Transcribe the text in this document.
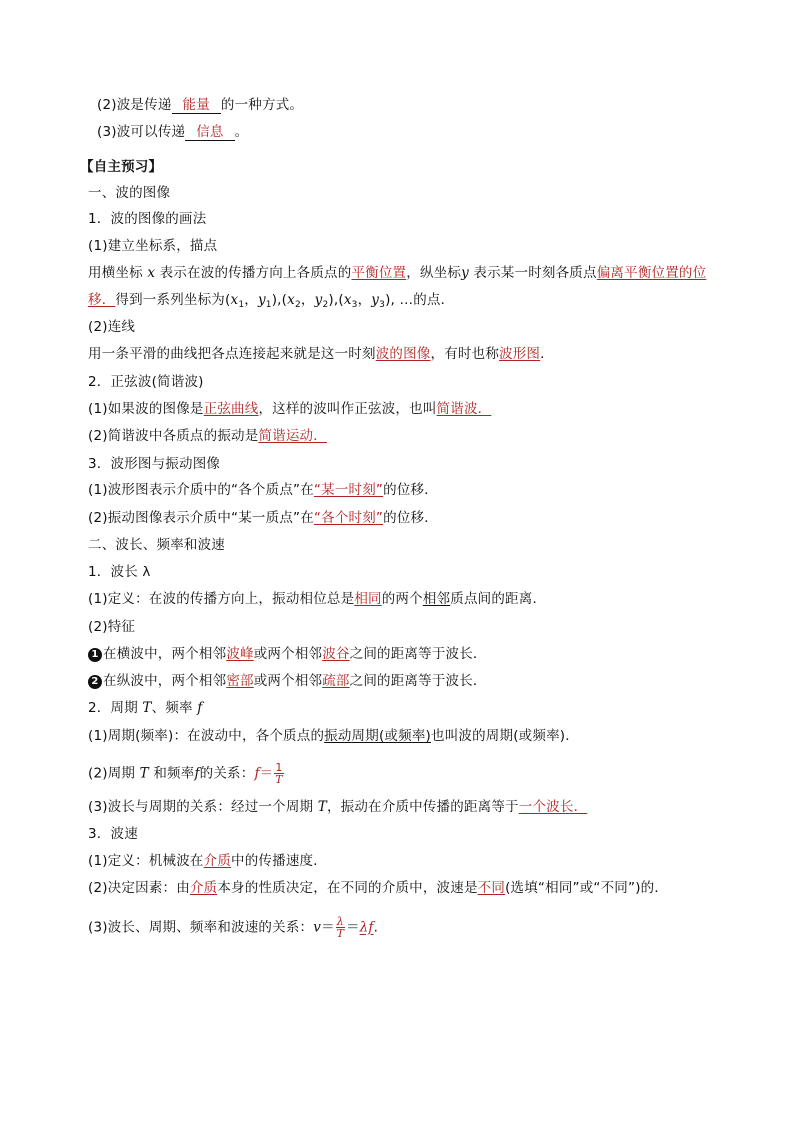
(2)波是传递 能量 的一种方式。
(3)波可以传递 信息 。
【自主预习】
一、波的图像
1．波的图像的画法
(1)建立坐标系，描点
用横坐标 x 表示在波的传播方向上各质点的平衡位置，纵坐标y 表示某一时刻各质点偏离平衡位置的位
移．得到一系列坐标为($x_1$，$y_1),(x_2$，$y_2),(x_3$，$y_3$), …的点．
(2)连线
用一条平滑的曲线把各点连接起来就是这一时刻波的图像，有时也称波形图.
2．正弦波(简谐波)
(1)如果波的图像是正弦曲线，这样的波叫作正弦波，也叫简谐波．
(2)简谐波中各质点的振动是简谐运动．
3．波形图与振动图像
(1)波形图表示介质中的“各个质点”在“某一时刻”的位移．
(2)振动图像表示介质中“某一质点”在“各个时刻”的位移．
二、波长、频率和波速
1．波长 λ
(1)定义：在波的传播方向上，振动相位总是相同的两个相邻质点间的距离．
(2)特征
1 在横波中，两个相邻波峰或两个相邻波谷之间的距离等于波长．
2 在纵波中，两个相邻密部或两个相邻疏部之间的距离等于波长．
2．周期 T、频率 f
(1)周期(频率)：在波动中，各个质点的振动周期(或频率)也叫波的周期(或频率)．
(2)周期 T 和频率f的关系：$f= \frac{1}{T}$
(3)波长与周期的关系：经过一个周期 T，振动在介质中传播的距离等于一个波长．
3．波速
(1)定义：机械波在介质中的传播速度．
(2)决定因素：由介质本身的性质决定，在不同的介质中，波速是不同(选填“相同”或“不同”)的．
(3)波长、周期、频率和波速的关系：$v= \frac{\lambda}{T} =\lambda f$.
